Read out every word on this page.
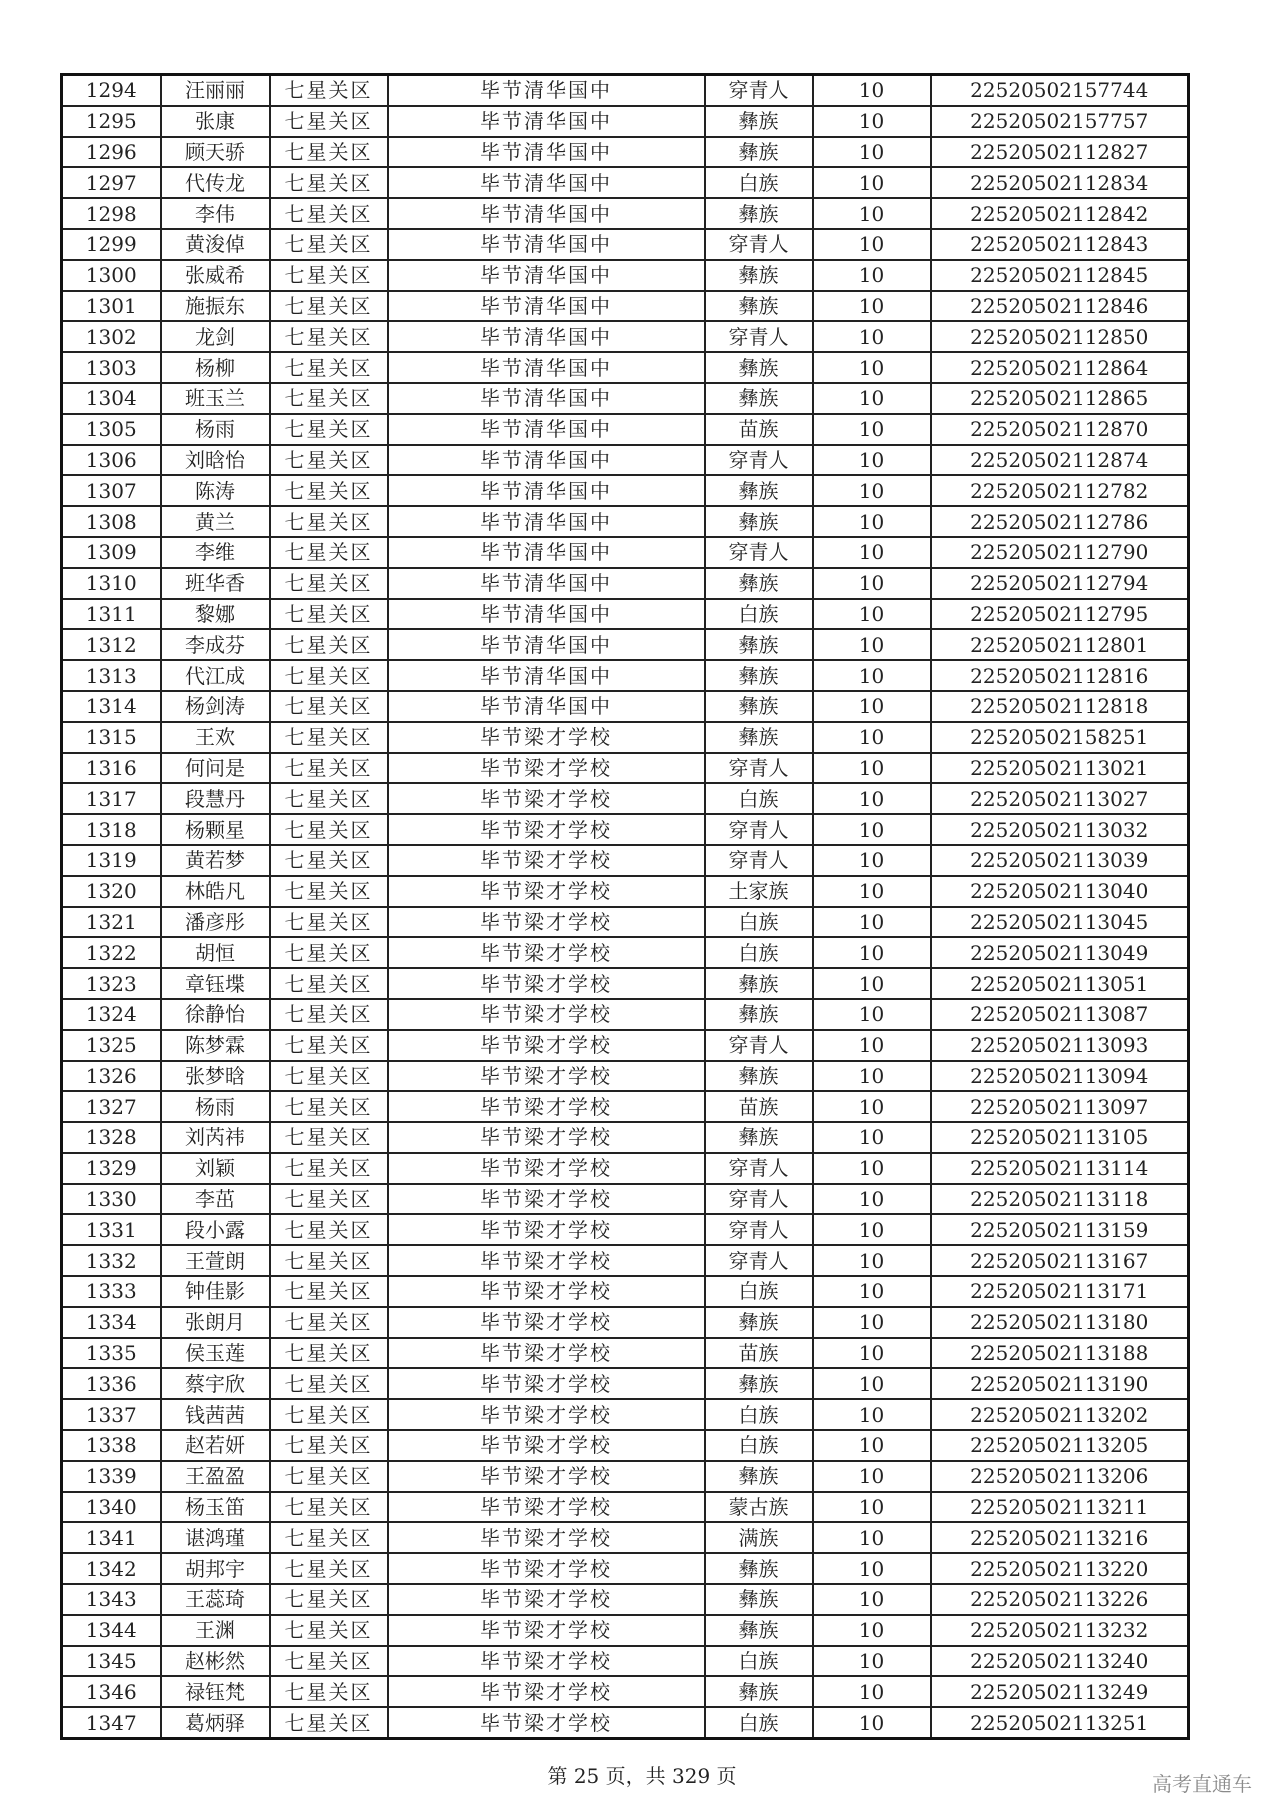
1294	汪丽丽	七星关区	毕节清华国中	穿青人	10	22520502157744
1295	张康	七星关区	毕节清华国中	彝族	10	22520502157757
1296	顾天骄	七星关区	毕节清华国中	彝族	10	22520502112827
1297	代传龙	七星关区	毕节清华国中	白族	10	22520502112834
1298	李伟	七星关区	毕节清华国中	彝族	10	22520502112842
1299	黄浚倬	七星关区	毕节清华国中	穿青人	10	22520502112843
1300	张威希	七星关区	毕节清华国中	彝族	10	22520502112845
1301	施振东	七星关区	毕节清华国中	彝族	10	22520502112846
1302	龙剑	七星关区	毕节清华国中	穿青人	10	22520502112850
1303	杨柳	七星关区	毕节清华国中	彝族	10	22520502112864
1304	班玉兰	七星关区	毕节清华国中	彝族	10	22520502112865
1305	杨雨	七星关区	毕节清华国中	苗族	10	22520502112870
1306	刘晗怡	七星关区	毕节清华国中	穿青人	10	22520502112874
1307	陈涛	七星关区	毕节清华国中	彝族	10	22520502112782
1308	黄兰	七星关区	毕节清华国中	彝族	10	22520502112786
1309	李维	七星关区	毕节清华国中	穿青人	10	22520502112790
1310	班华香	七星关区	毕节清华国中	彝族	10	22520502112794
1311	黎娜	七星关区	毕节清华国中	白族	10	22520502112795
1312	李成芬	七星关区	毕节清华国中	彝族	10	22520502112801
1313	代江成	七星关区	毕节清华国中	彝族	10	22520502112816
1314	杨剑涛	七星关区	毕节清华国中	彝族	10	22520502112818
1315	王欢	七星关区	毕节梁才学校	彝族	10	22520502158251
1316	何问是	七星关区	毕节梁才学校	穿青人	10	22520502113021
1317	段慧丹	七星关区	毕节梁才学校	白族	10	22520502113027
1318	杨颗星	七星关区	毕节梁才学校	穿青人	10	22520502113032
1319	黄若梦	七星关区	毕节梁才学校	穿青人	10	22520502113039
1320	林皓凡	七星关区	毕节梁才学校	土家族	10	22520502113040
1321	潘彦彤	七星关区	毕节梁才学校	白族	10	22520502113045
1322	胡恒	七星关区	毕节梁才学校	白族	10	22520502113049
1323	章钰堞	七星关区	毕节梁才学校	彝族	10	22520502113051
1324	徐静怡	七星关区	毕节梁才学校	彝族	10	22520502113087
1325	陈梦霖	七星关区	毕节梁才学校	穿青人	10	22520502113093
1326	张梦晗	七星关区	毕节梁才学校	彝族	10	22520502113094
1327	杨雨	七星关区	毕节梁才学校	苗族	10	22520502113097
1328	刘芮祎	七星关区	毕节梁才学校	彝族	10	22520502113105
1329	刘颖	七星关区	毕节梁才学校	穿青人	10	22520502113114
1330	李茁	七星关区	毕节梁才学校	穿青人	10	22520502113118
1331	段小露	七星关区	毕节梁才学校	穿青人	10	22520502113159
1332	王萱朗	七星关区	毕节梁才学校	穿青人	10	22520502113167
1333	钟佳影	七星关区	毕节梁才学校	白族	10	22520502113171
1334	张朗月	七星关区	毕节梁才学校	彝族	10	22520502113180
1335	侯玉莲	七星关区	毕节梁才学校	苗族	10	22520502113188
1336	蔡宇欣	七星关区	毕节梁才学校	彝族	10	22520502113190
1337	钱茜茜	七星关区	毕节梁才学校	白族	10	22520502113202
1338	赵若妍	七星关区	毕节梁才学校	白族	10	22520502113205
1339	王盈盈	七星关区	毕节梁才学校	彝族	10	22520502113206
1340	杨玉笛	七星关区	毕节梁才学校	蒙古族	10	22520502113211
1341	谌鸿瑾	七星关区	毕节梁才学校	满族	10	22520502113216
1342	胡邦宇	七星关区	毕节梁才学校	彝族	10	22520502113220
1343	王蕊琦	七星关区	毕节梁才学校	彝族	10	22520502113226
1344	王渊	七星关区	毕节梁才学校	彝族	10	22520502113232
1345	赵彬然	七星关区	毕节梁才学校	白族	10	22520502113240
1346	禄钰梵	七星关区	毕节梁才学校	彝族	10	22520502113249
1347	葛炳驿	七星关区	毕节梁才学校	白族	10	22520502113251
第 25 页，共 329 页	高考直通车
